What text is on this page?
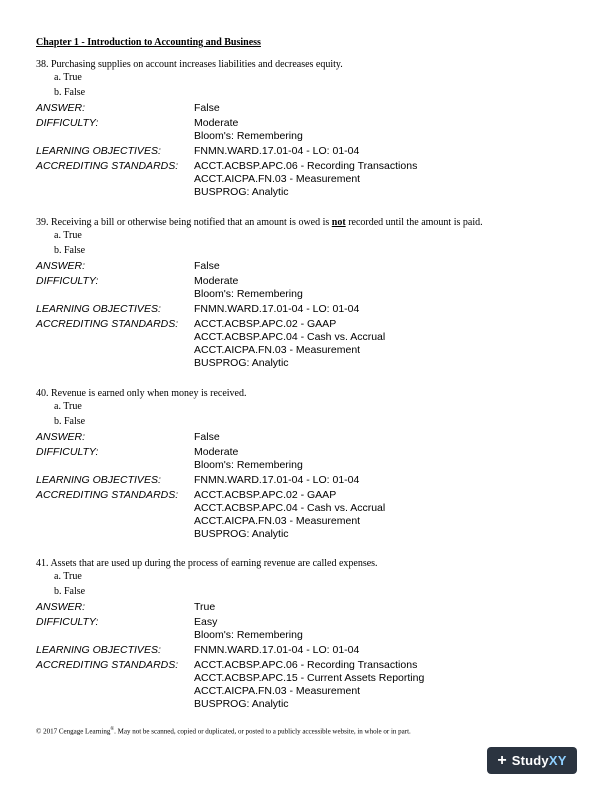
Chapter 1 - Introduction to Accounting and Business
38. Purchasing supplies on account increases liabilities and decreases equity.
a. True
b. False
ANSWER:	False
DIFFICULTY:	Moderate
Bloom's: Remembering
LEARNING OBJECTIVES:	FNMN.WARD.17.01-04 - LO: 01-04
ACCREDITING STANDARDS:	ACCT.ACBSP.APC.06 - Recording Transactions
ACCT.AICPA.FN.03 - Measurement
BUSPROG: Analytic
39. Receiving a bill or otherwise being notified that an amount is owed is not recorded until the amount is paid.
a. True
b. False
ANSWER:	False
DIFFICULTY:	Moderate
Bloom's: Remembering
LEARNING OBJECTIVES:	FNMN.WARD.17.01-04 - LO: 01-04
ACCREDITING STANDARDS:	ACCT.ACBSP.APC.02 - GAAP
ACCT.ACBSP.APC.04 - Cash vs. Accrual
ACCT.AICPA.FN.03 - Measurement
BUSPROG: Analytic
40. Revenue is earned only when money is received.
a. True
b. False
ANSWER:	False
DIFFICULTY:	Moderate
Bloom's: Remembering
LEARNING OBJECTIVES:	FNMN.WARD.17.01-04 - LO: 01-04
ACCREDITING STANDARDS:	ACCT.ACBSP.APC.02 - GAAP
ACCT.ACBSP.APC.04 - Cash vs. Accrual
ACCT.AICPA.FN.03 - Measurement
BUSPROG: Analytic
41. Assets that are used up during the process of earning revenue are called expenses.
a. True
b. False
ANSWER:	True
DIFFICULTY:	Easy
Bloom's: Remembering
LEARNING OBJECTIVES:	FNMN.WARD.17.01-04 - LO: 01-04
ACCREDITING STANDARDS:	ACCT.ACBSP.APC.06 - Recording Transactions
ACCT.ACBSP.APC.15 - Current Assets Reporting
ACCT.AICPA.FN.03 - Measurement
BUSPROG: Analytic
© 2017 Cengage Learning®. May not be scanned, copied or duplicated, or posted to a publicly accessible website, in whole or in part.
+ StudyXY
